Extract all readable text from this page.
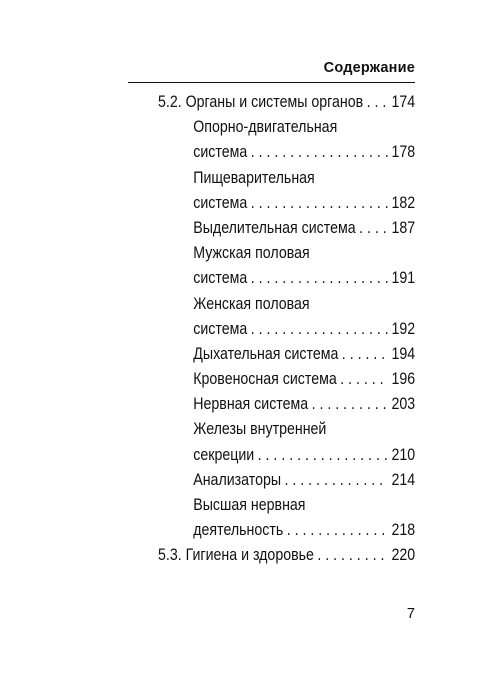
Содержание
5.2. Органы и системы органов . . . 174
Опорно-двигательная
система . . .	178
Пищеварительная
система . . .	182
Выделительная система . . . 187
Мужская половая
система . . .	191
Женская половая
система . . .	192
Дыхательная система . . .	194
Кровеносная система . . .	196
Нервная система . . .	203
Железы внутренней
секреции . . .	210
Анализаторы . . .	214
Высшая нервная
деятельность . . .	218
5.3. Гигиена и здоровье . . .	220
7
